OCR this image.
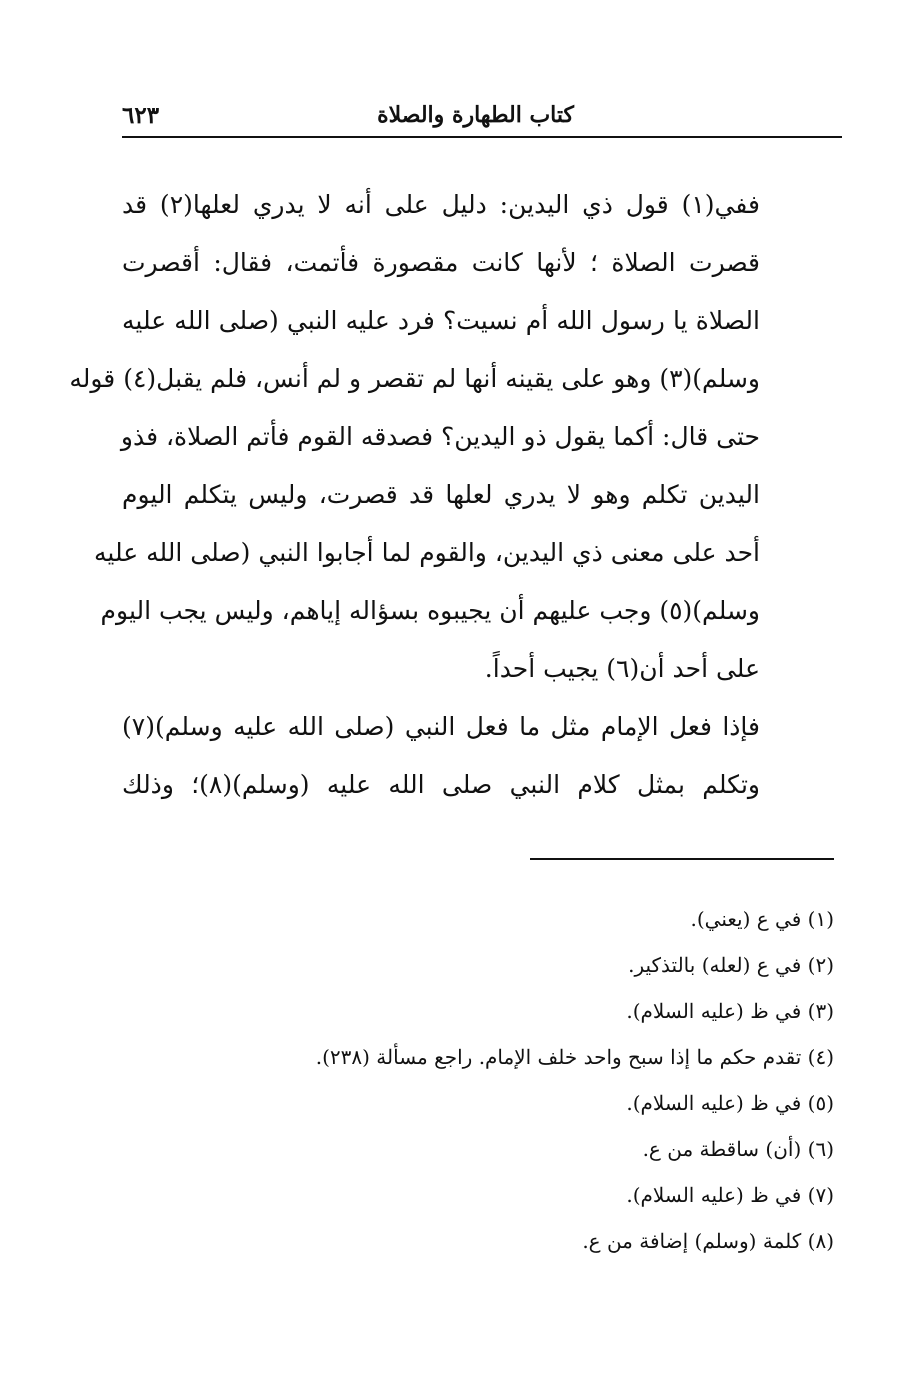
٦٢٣	كتاب الطهارة والصلاة
ففي(١) قول ذي اليدين: دليل على أنه لا يدري لعلها(٢) قد
قصرت الصلاة ؛ لأنها كانت مقصورة فأتمت، فقال: أقصرت
الصلاة يا رسول الله أم نسيت؟ فرد عليه النبي (صلى الله عليه
وسلم)(٣) وهو على يقينه أنها لم تقصر و لم أنس، فلم يقبل(٤) قوله
حتى قال: أكما يقول ذو اليدين؟ فصدقه القوم فأتم الصلاة، فذو
اليدين تكلم وهو لا يدري لعلها قد قصرت، وليس يتكلم اليوم
أحد على معنى ذي اليدين، والقوم لما أجابوا النبي (صلى الله عليه
وسلم)(٥) وجب عليهم أن يجيبوه بسؤاله إياهم، وليس يجب اليوم
على أحد أن(٦) يجيب أحداً.
فإذا فعل الإمام مثل ما فعل النبي (صلى الله عليه وسلم)(٧)
وتكلم بمثل كلام النبي صلى الله عليه (وسلم)(٨)؛ وذلك
(١) في ع (يعني).
(٢) في ع (لعله) بالتذكير.
(٣) في ظ (عليه السلام).
(٤) تقدم حكم ما إذا سبح واحد خلف الإمام. راجع مسألة (٢٣٨).
(٥) في ظ (عليه السلام).
(٦) (أن) ساقطة من ع.
(٧) في ظ (عليه السلام).
(٨) كلمة (وسلم) إضافة من ع.
